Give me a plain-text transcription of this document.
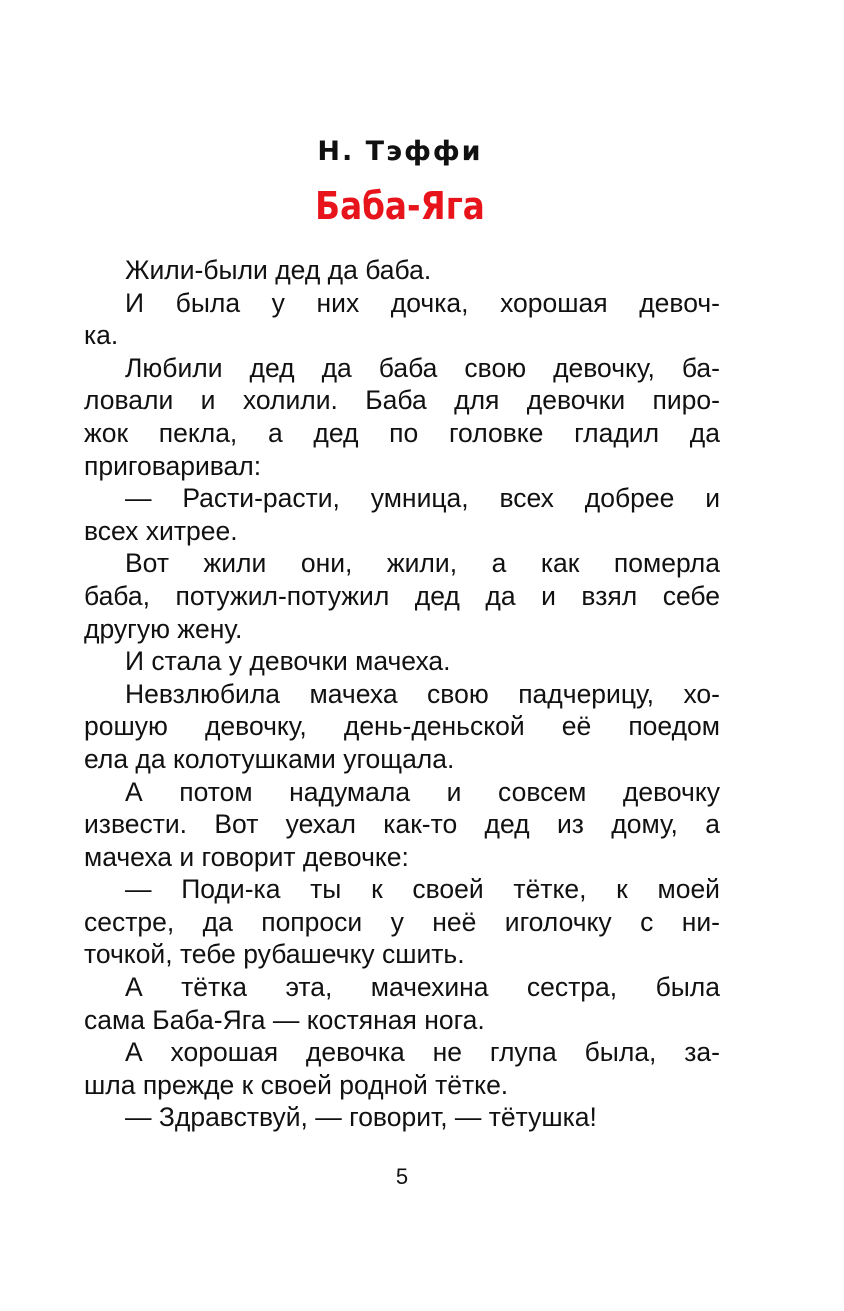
Н. Тэффи
Баба-Яга
Жили-были дед да баба.
И была у них дочка, хорошая девоч-
ка.
Любили дед да баба свою девочку, ба-
ловали и холили. Баба для девочки пиро-
жок пекла, а дед по головке гладил да
приговаривал:
— Расти-расти, умница, всех добрее и
всех хитрее.
Вот жили они, жили, а как померла
баба, потужил-потужил дед да и взял себе
другую жену.
И стала у девочки мачеха.
Невзлюбила мачеха свою падчерицу, хо-
рошую девочку, день-деньской её поедом
ела да колотушками угощала.
А потом надумала и совсем девочку
извести. Вот уехал как-то дед из дому, а
мачеха и говорит девочке:
— Поди-ка ты к своей тётке, к моей
сестре, да попроси у неё иголочку с ни-
точкой, тебе рубашечку сшить.
А тётка эта, мачехина сестра, была
сама Баба-Яга — костяная нога.
А хорошая девочка не глупа была, за-
шла прежде к своей родной тётке.
— Здравствуй, — говорит, — тётушка!
5
